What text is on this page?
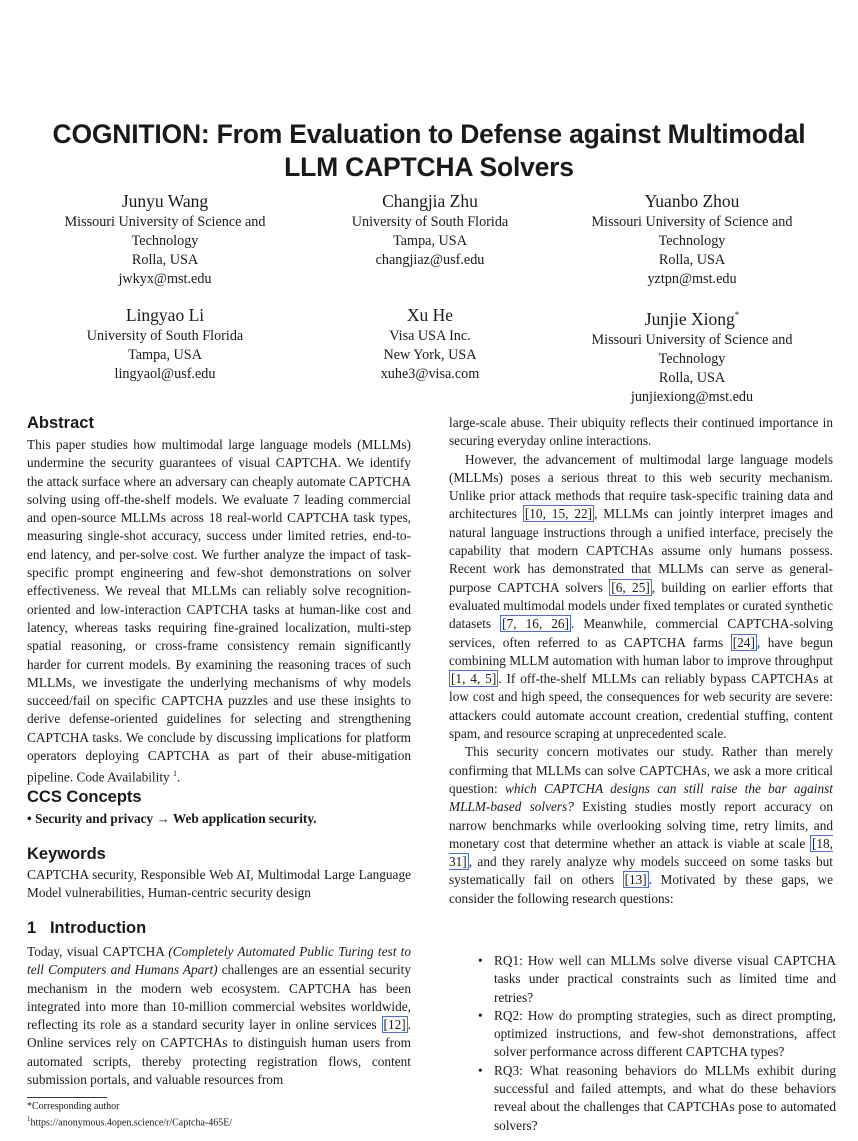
COGNITION: From Evaluation to Defense against Multimodal
LLM CAPTCHA Solvers
Junyu Wang
Missouri University of Science and
Technology
Rolla, USA
jwkyx@mst.edu
Changjia Zhu
University of South Florida
Tampa, USA
changjiaz@usf.edu
Yuanbo Zhou
Missouri University of Science and
Technology
Rolla, USA
yztpn@mst.edu
Lingyao Li
University of South Florida
Tampa, USA
lingyaol@usf.edu
Xu He
Visa USA Inc.
New York, USA
xuhe3@visa.com
Junjie Xiong*
Missouri University of Science and
Technology
Rolla, USA
junjiexiong@mst.edu
Abstract

This paper studies how multimodal large language models (MLLMs) undermine the security guarantees of visual CAPTCHA. We identify the attack surface where an adversary can cheaply automate CAPTCHA solving using off-the-shelf models. We evaluate 7 leading commercial and open-source MLLMs across 18 real-world CAPTCHA task types, measuring single-shot accuracy, success under limited retries, end-to-end latency, and per-solve cost. We further analyze the impact of task-specific prompt engineering and few-shot demonstrations on solver effectiveness. We reveal that MLLMs can reliably solve recognition-oriented and low-interaction CAPTCHA tasks at human-like cost and latency, whereas tasks requiring fine-grained localization, multi-step spatial reasoning, or cross-frame consistency remain significantly harder for current models. By examining the reasoning traces of such MLLMs, we investigate the underlying mechanisms of why models succeed/fail on specific CAPTCHA puzzles and use these insights to derive defense-oriented guidelines for selecting and strengthening CAPTCHA tasks. We conclude by discussing implications for platform operators deploying CAPTCHA as part of their abuse-mitigation pipeline. Code Availability $^1$.

CCS Concepts
• Security and privacy → Web application security.
Keywords

CAPTCHA security, Responsible Web AI, Multimodal Large Language Model vulnerabilities, Human-centric security design

1 Introduction

Today, visual CAPTCHA (Completely Automated Public Turing test to tell Computers and Humans Apart) challenges are an essential security mechanism in the modern web ecosystem. CAPTCHA has been integrated into more than 10-million commercial websites worldwide, reflecting its role as a standard security layer in online services [12] . Online services rely on CAPTCHAs to distinguish human users from automated scripts, thereby protecting registration flows, content submission portals, and valuable resources from

*Corresponding author
$^1$https://anonymous.4open.science/r/Captcha-465E/

large-scale abuse. Their ubiquity reflects their continued importance in securing everyday online interactions.

However, the advancement of multimodal large language models (MLLMs) poses a serious threat to this web security mechanism. Unlike prior attack methods that require task-specific training data and architectures [10, 15, 22] , MLLMs can jointly interpret images and natural language instructions through a unified interface, precisely the capability that modern CAPTCHAs assume only humans possess. Recent work has demonstrated that MLLMs can serve as general-purpose CAPTCHA solvers [6, 25] , building on earlier efforts that evaluated multimodal models under fixed templates or curated synthetic datasets [7, 16, 26] . Meanwhile, commercial CAPTCHA-solving services, often referred to as CAPTCHA farms [24] , have begun combining MLLM automation with human labor to improve throughput [1, 4, 5] . If off-the-shelf MLLMs can reliably bypass CAPTCHAs at low cost and high speed, the consequences for web security are severe: attackers could automate account creation, credential stuffing, content spam, and resource scraping at unprecedented scale.

This security concern motivates our study. Rather than merely confirming that MLLMs can solve CAPTCHAs, we ask a more critical question: which CAPTCHA designs can still raise the bar against MLLM-based solvers? Existing studies mostly report accuracy on narrow benchmarks while overlooking solving time, retry limits, and monetary cost that determine whether an attack is viable at scale [18, 31] , and they rarely analyze why models succeed on some tasks but systematically fail on others [13] . Motivated by these gaps, we consider the following research questions:

• RQ1: How well can MLLMs solve diverse visual CAPTCHA tasks under practical constraints such as limited time and retries?
• RQ2: How do prompting strategies, such as direct prompting, optimized instructions, and few-shot demonstrations, affect solver performance across different CAPTCHA types?
• RQ3: What reasoning behaviors do MLLMs exhibit during successful and failed attempts, and what do these behaviors reveal about the challenges that CAPTCHAs pose to automated solvers?
